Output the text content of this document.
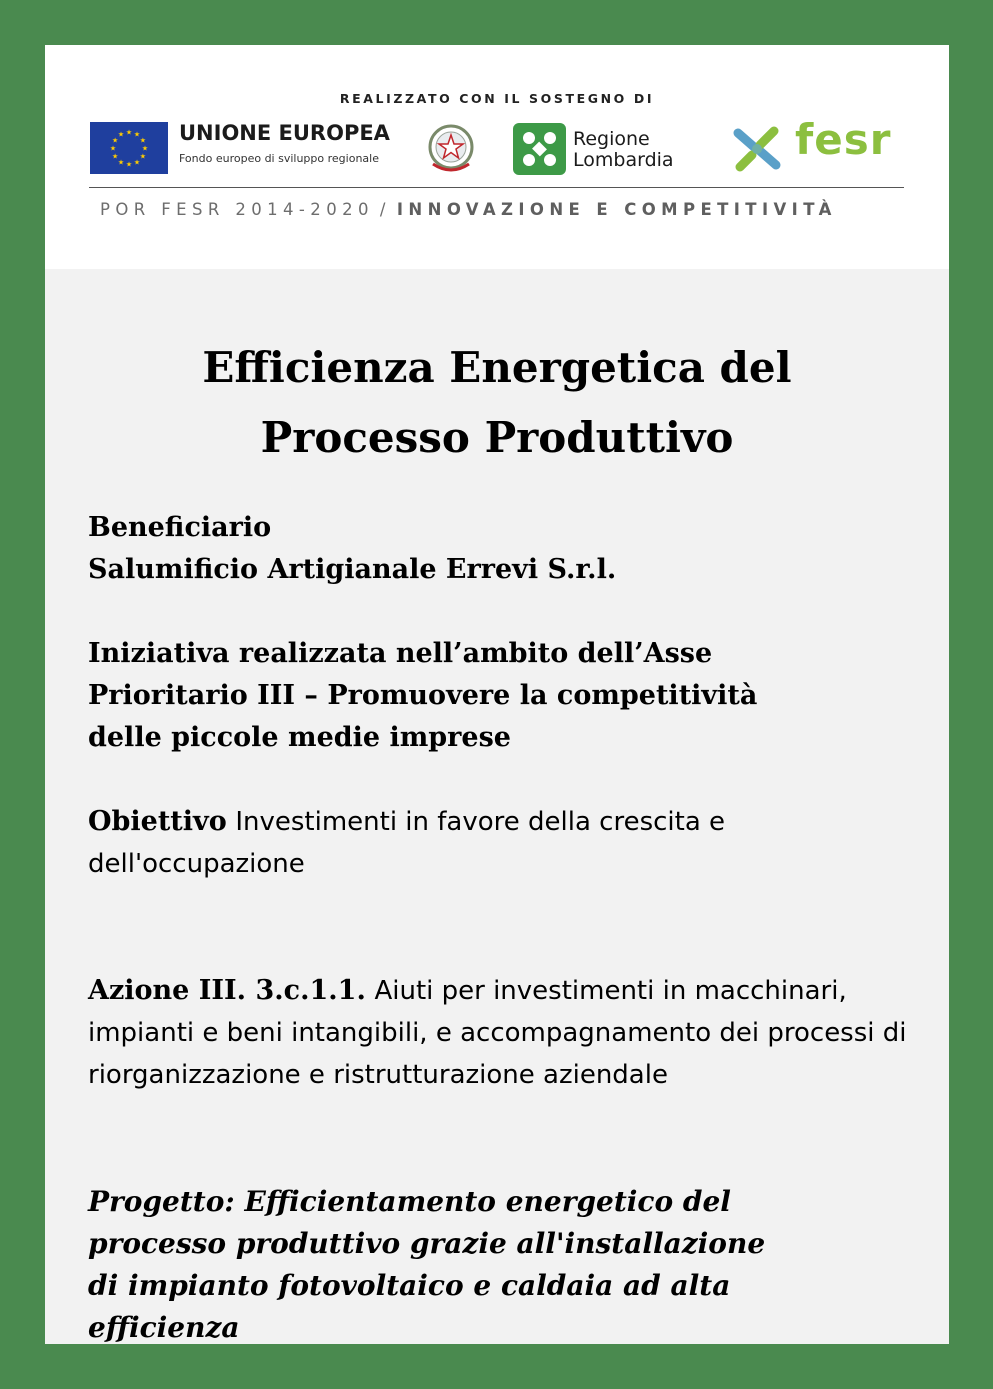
REALIZZATO CON IL SOSTEGNO DI
★ ★
★
★
★
★
★
★
★
★
★
★	UNIONE EUROPEA
Fondo europeo di sviluppo regionale
Regione
Lombardia	fesr
POR FESR 2014-2020 / INNOVAZIONE E COMPETITIVITÀ
Efficienza Energetica del
Processo Produttivo
Beneficiario
Salumificio Artigianale Errevi S.r.l.
Iniziativa realizzata nell’ambito dell’Asse
Prioritario III – Promuovere la competitività
delle piccole medie imprese
Obiettivo Investimenti in favore della crescita e dell'occupazione
Azione III. 3.c.1.1. Aiuti per investimenti in macchinari, impianti e beni intangibili, e accompagnamento dei processi di riorganizzazione e ristrutturazione aziendale
Progetto: Efficientamento energetico del
processo produttivo grazie all'installazione
di impianto fotovoltaico e caldaia ad alta
efficienza
